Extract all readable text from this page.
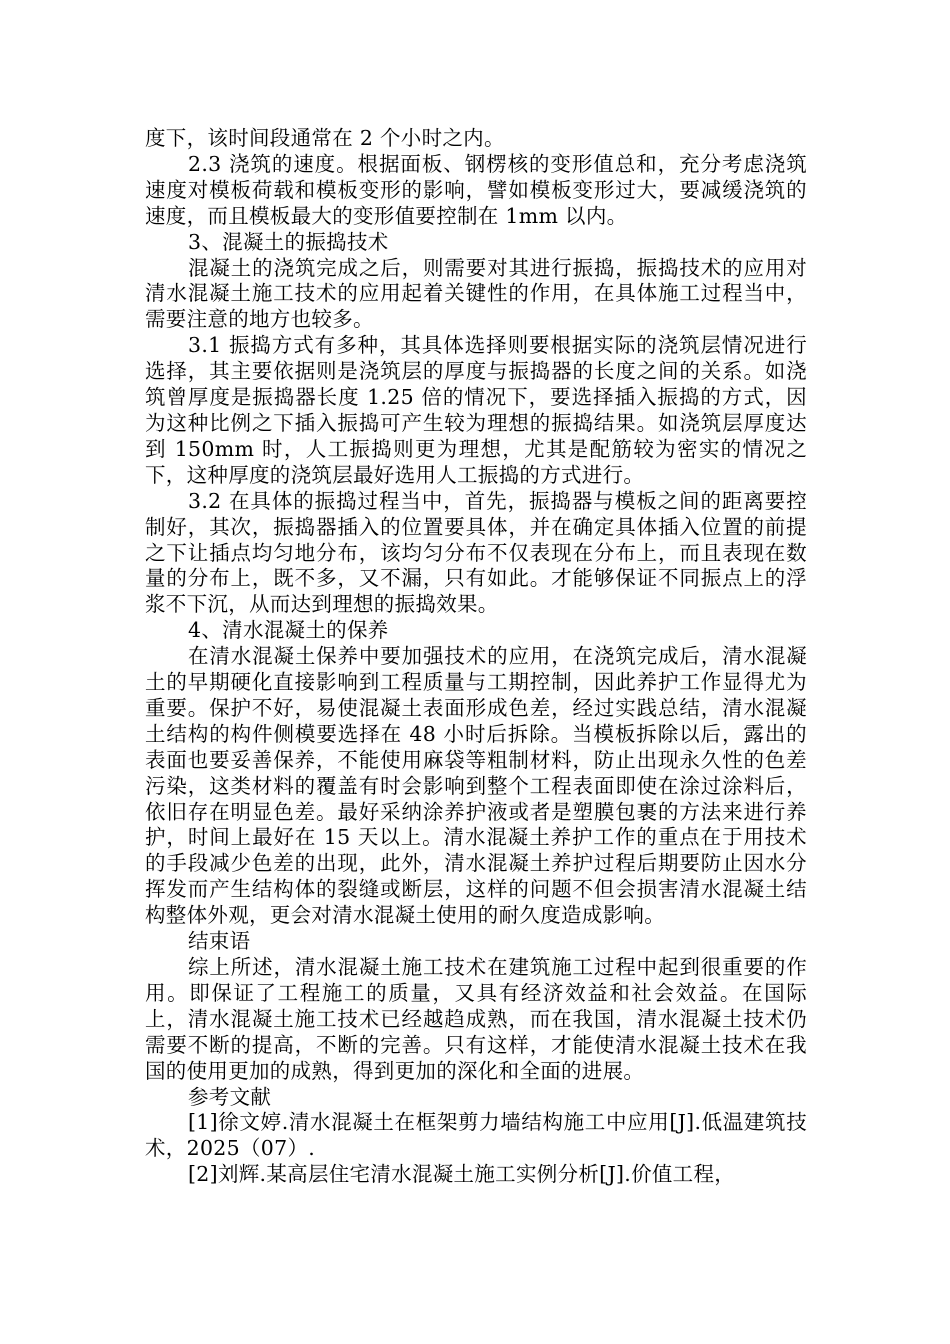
度下，该时间段通常在 2 个小时之内。

2.3 浇筑的速度。根据面板、钢楞核的变形值总和，充分考虑浇筑速度对模板荷载和模板变形的影响，譬如模板变形过大，要减缓浇筑的速度，而且模板最大的变形值要控制在 1mm 以内。

3、混凝土的振捣技术

混凝土的浇筑完成之后，则需要对其进行振捣，振捣技术的应用对清水混凝土施工技术的应用起着关键性的作用，在具体施工过程当中，需要注意的地方也较多。

3.1 振捣方式有多种，其具体选择则要根据实际的浇筑层情况进行选择，其主要依据则是浇筑层的厚度与振捣器的长度之间的关系。如浇筑曾厚度是振捣器长度 1.25 倍的情况下，要选择插入振捣的方式，因为这种比例之下插入振捣可产生较为理想的振捣结果。如浇筑层厚度达到 150mm 时，人工振捣则更为理想，尤其是配筋较为密实的情况之下，这种厚度的浇筑层最好选用人工振捣的方式进行。

3.2 在具体的振捣过程当中，首先，振捣器与模板之间的距离要控制好，其次，振捣器插入的位置要具体，并在确定具体插入位置的前提之下让插点均匀地分布，该均匀分布不仅表现在分布上，而且表现在数量的分布上，既不多，又不漏，只有如此。才能够保证不同振点上的浮浆不下沉，从而达到理想的振捣效果。

4、清水混凝土的保养

在清水混凝土保养中要加强技术的应用，在浇筑完成后，清水混凝土的早期硬化直接影响到工程质量与工期控制，因此养护工作显得尤为重要。保护不好，易使混凝土表面形成色差，经过实践总结，清水混凝土结构的构件侧模要选择在 48 小时后拆除。当模板拆除以后，露出的表面也要妥善保养，不能使用麻袋等粗制材料，防止出现永久性的色差污染，这类材料的覆盖有时会影响到整个工程表面即使在涂过涂料后，依旧存在明显色差。最好采纳涂养护液或者是塑膜包裹的方法来进行养护，时间上最好在 15 天以上。清水混凝土养护工作的重点在于用技术的手段减少色差的出现，此外，清水混凝土养护过程后期要防止因水分挥发而产生结构体的裂缝或断层，这样的问题不但会损害清水混凝土结构整体外观，更会对清水混凝土使用的耐久度造成影响。

结束语

综上所述，清水混凝土施工技术在建筑施工过程中起到很重要的作用。即保证了工程施工的质量，又具有经济效益和社会效益。在国际上，清水混凝土施工技术已经越趋成熟，而在我国，清水混凝土技术仍需要不断的提高，不断的完善。只有这样，才能使清水混凝土技术在我国的使用更加的成熟，得到更加的深化和全面的进展。

参考文献

[1]徐文婷.清水混凝土在框架剪力墙结构施工中应用[J].低温建筑技术，2025（07）.

[2]刘辉.某高层住宅清水混凝土施工实例分析[J].价值工程，
